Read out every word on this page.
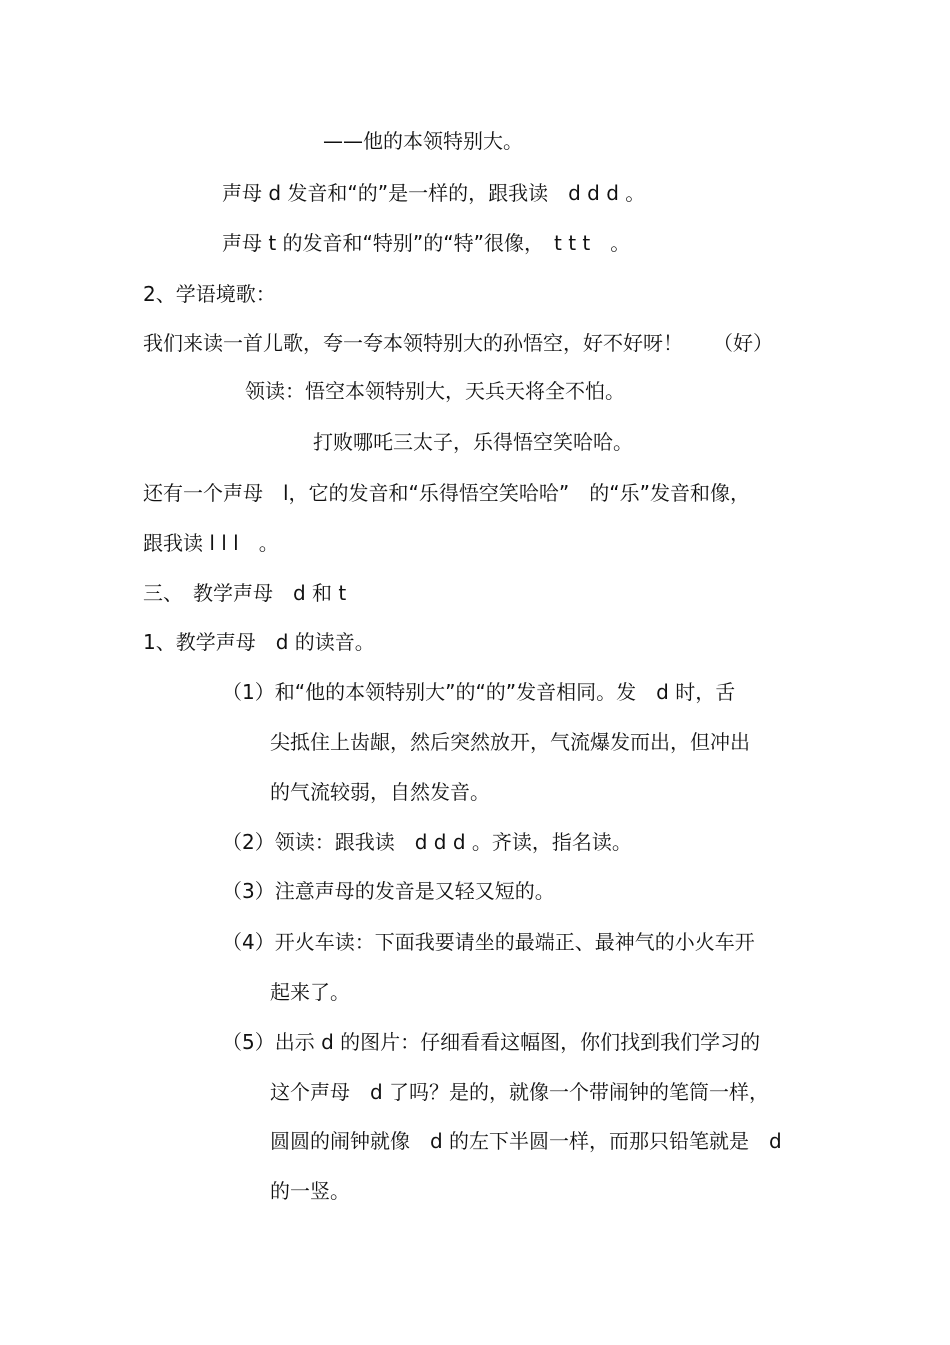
——他的本领特别大。
声母 d 发音和“的”是一样的，跟我读　d d d 。
声母 t 的发音和“特别”的“特”很像，　t t t　。
2、学语境歌：
我们来读一首儿歌，夸一夸本领特别大的孙悟空，好不好呀！　　（好）
领读：悟空本领特别大，天兵天将全不怕。
打败哪吒三太子，乐得悟空笑哈哈。
还有一个声母　l，它的发音和“乐得悟空笑哈哈”　的“乐”发音和像，
跟我读 l l l　。
三、　教学声母　d 和 t
1、教学声母　d 的读音。
（1）和“他的本领特别大”的“的”发音相同。发　d 时，舌
尖抵住上齿龈，然后突然放开，气流爆发而出，但冲出
的气流较弱，自然发音。
（2）领读：跟我读　d d d 。齐读，指名读。
（3）注意声母的发音是又轻又短的。
（4）开火车读：下面我要请坐的最端正、最神气的小火车开
起来了。
（5）出示 d 的图片：仔细看看这幅图，你们找到我们学习的
这个声母　d 了吗？是的，就像一个带闹钟的笔筒一样，
圆圆的闹钟就像　d 的左下半圆一样，而那只铅笔就是　d
的一竖。
